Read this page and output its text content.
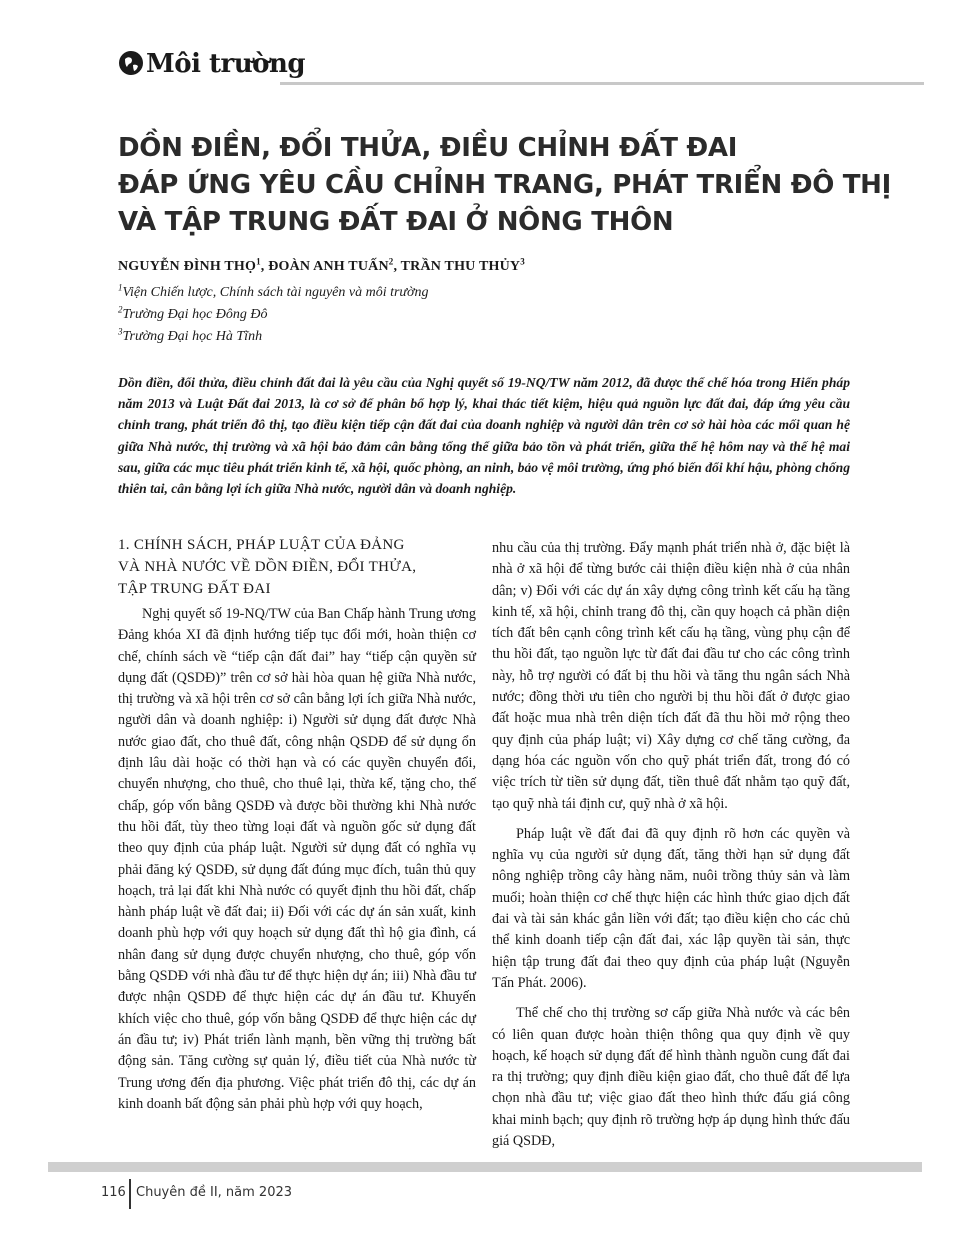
Môi trường
DỒN ĐIỀN, ĐỔI THỬA, ĐIỀU CHỈNH ĐẤT ĐAI
ĐÁP ỨNG YÊU CẦU CHỈNH TRANG, PHÁT TRIỂN ĐÔ THỊ
VÀ TẬP TRUNG ĐẤT ĐAI Ở NÔNG THÔN
NGUYỄN ĐÌNH THỌ$^1$, ĐOÀN ANH TUẤN$^2$, TRẦN THU THỦY$^3$
$^1$Viện Chiến lược, Chính sách tài nguyên và môi trường
$^2$Trường Đại học Đông Đô
$^3$Trường Đại học Hà Tĩnh
Dồn điền, đổi thửa, điều chỉnh đất đai là yêu cầu của Nghị quyết số 19-NQ/TW năm 2012, đã được thể chế hóa trong Hiến pháp năm 2013 và Luật Đất đai 2013, là cơ sở để phân bổ hợp lý, khai thác tiết kiệm, hiệu quả nguồn lực đất đai, đáp ứng yêu cầu chỉnh trang, phát triển đô thị, tạo điều kiện tiếp cận đất đai của doanh nghiệp và người dân trên cơ sở hài hòa các mối quan hệ giữa Nhà nước, thị trường và xã hội bảo đảm cân bằng tổng thể giữa bảo tồn và phát triển, giữa thế hệ hôm nay và thế hệ mai sau, giữa các mục tiêu phát triển kinh tế, xã hội, quốc phòng, an ninh, bảo vệ môi trường, ứng phó biến đổi khí hậu, phòng chống thiên tai, cân bằng lợi ích giữa Nhà nước, người dân và doanh nghiệp.
1. CHÍNH SÁCH, PHÁP LUẬT CỦA ĐẢNG
VÀ NHÀ NƯỚC VỀ DỒN ĐIỀN, ĐỔI THỬA,
TẬP TRUNG ĐẤT ĐAI

Nghị quyết số 19-NQ/TW của Ban Chấp hành Trung ương Đảng khóa XI đã định hướng tiếp tục đổi mới, hoàn thiện cơ chế, chính sách về “tiếp cận đất đai” hay “tiếp cận quyền sử dụng đất (QSDĐ)” trên cơ sở hài hòa quan hệ giữa Nhà nước, thị trường và xã hội trên cơ sở cân bằng lợi ích giữa Nhà nước, người dân và doanh nghiệp: i) Người sử dụng đất được Nhà nước giao đất, cho thuê đất, công nhận QSDĐ để sử dụng ổn định lâu dài hoặc có thời hạn và có các quyền chuyển đổi, chuyển nhượng, cho thuê, cho thuê lại, thừa kế, tặng cho, thế chấp, góp vốn bằng QSDĐ và được bồi thường khi Nhà nước thu hồi đất, tùy theo từng loại đất và nguồn gốc sử dụng đất theo quy định của pháp luật. Người sử dụng đất có nghĩa vụ phải đăng ký QSDĐ, sử dụng đất đúng mục đích, tuân thủ quy hoạch, trả lại đất khi Nhà nước có quyết định thu hồi đất, chấp hành pháp luật về đất đai; ii) Đối với các dự án sản xuất, kinh doanh phù hợp với quy hoạch sử dụng đất thì hộ gia đình, cá nhân đang sử dụng được chuyển nhượng, cho thuê, góp vốn bằng QSDĐ với nhà đầu tư để thực hiện dự án; iii) Nhà đầu tư được nhận QSDĐ để thực hiện các dự án đầu tư. Khuyến khích việc cho thuê, góp vốn bằng QSDĐ để thực hiện các dự án đầu tư; iv) Phát triển lành mạnh, bền vững thị trường bất động sản. Tăng cường sự quản lý, điều tiết của Nhà nước từ Trung ương đến địa phương. Việc phát triển đô thị, các dự án kinh doanh bất động sản phải phù hợp với quy hoạch,

nhu cầu của thị trường. Đẩy mạnh phát triển nhà ở, đặc biệt là nhà ở xã hội để từng bước cải thiện điều kiện nhà ở của nhân dân; v) Đối với các dự án xây dựng công trình kết cấu hạ tầng kinh tế, xã hội, chỉnh trang đô thị, cần quy hoạch cả phần diện tích đất bên cạnh công trình kết cấu hạ tầng, vùng phụ cận để thu hồi đất, tạo nguồn lực từ đất đai đầu tư cho các công trình này, hỗ trợ người có đất bị thu hồi và tăng thu ngân sách Nhà nước; đồng thời ưu tiên cho người bị thu hồi đất ở được giao đất hoặc mua nhà trên diện tích đất đã thu hồi mở rộng theo quy định của pháp luật; vi) Xây dựng cơ chế tăng cường, đa dạng hóa các nguồn vốn cho quỹ phát triển đất, trong đó có việc trích từ tiền sử dụng đất, tiền thuê đất nhằm tạo quỹ đất, tạo quỹ nhà tái định cư, quỹ nhà ở xã hội.

Pháp luật về đất đai đã quy định rõ hơn các quyền và nghĩa vụ của người sử dụng đất, tăng thời hạn sử dụng đất nông nghiệp trồng cây hàng năm, nuôi trồng thủy sản và làm muối; hoàn thiện cơ chế thực hiện các hình thức giao dịch đất đai và tài sản khác gắn liền với đất; tạo điều kiện cho các chủ thể kinh doanh tiếp cận đất đai, xác lập quyền tài sản, thực hiện tập trung đất đai theo quy định của pháp luật (Nguyễn Tấn Phát. 2006).

Thể chế cho thị trường sơ cấp giữa Nhà nước và các bên có liên quan được hoàn thiện thông qua quy định về quy hoạch, kế hoạch sử dụng đất để hình thành nguồn cung đất đai ra thị trường; quy định điều kiện giao đất, cho thuê đất để lựa chọn nhà đầu tư; việc giao đất theo hình thức đấu giá công khai minh bạch; quy định rõ trường hợp áp dụng hình thức đấu giá QSDĐ,

116 Chuyên đề II, năm 2023
